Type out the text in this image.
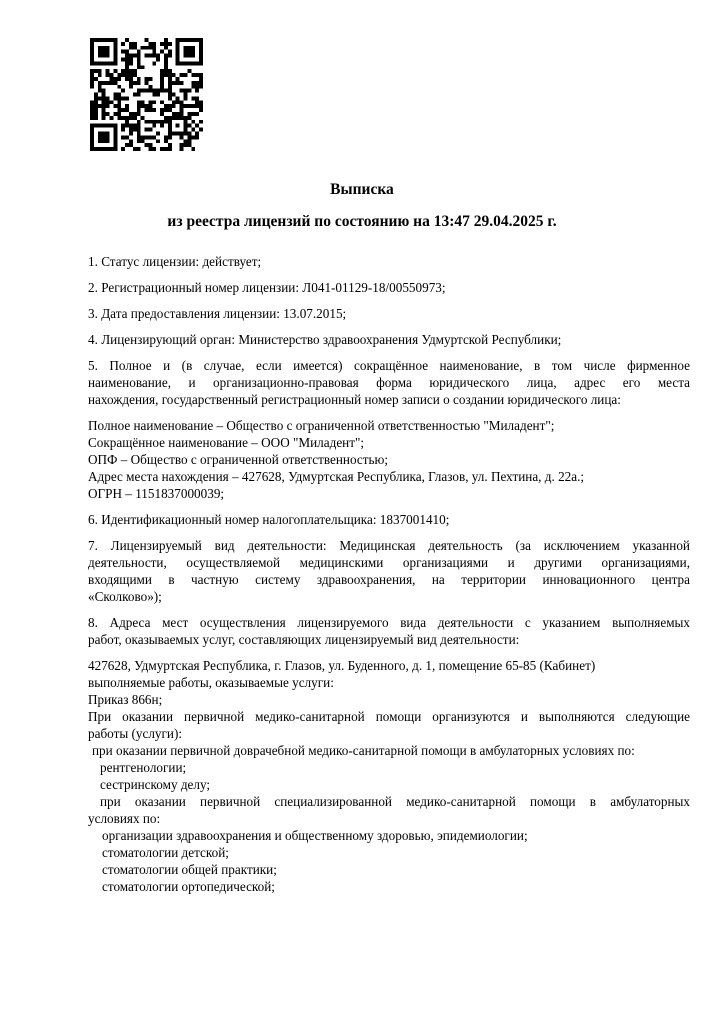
Выписка
из реестра лицензий по состоянию на 13:47 29.04.2025 г.
1. Статус лицензии: действует;
2. Регистрационный номер лицензии: Л041-01129-18/00550973;
3. Дата предоставления лицензии: 13.07.2015;
4. Лицензирующий орган: Министерство здравоохранения Удмуртской Республики;
5. Полное и (в случае, если имеется) сокращённое наименование, в том числе фирменное
наименование, и организационно-правовая форма юридического лица, адрес его места
нахождения, государственный регистрационный номер записи о создании юридического лица:
Полное наименование – Общество с ограниченной ответственностью "Миладент";
Сокращённое наименование – ООО "Миладент";
ОПФ – Общество с ограниченной ответственностью;
Адрес места нахождения – 427628, Удмуртская Республика, Глазов, ул. Пехтина, д. 22а.;
ОГРН – 1151837000039;
6. Идентификационный номер налогоплательщика: 1837001410;
7. Лицензируемый вид деятельности: Медицинская деятельность (за исключением указанной
деятельности, осуществляемой медицинскими организациями и другими организациями,
входящими в частную систему здравоохранения, на территории инновационного центра
«Сколково»);
8. Адреса мест осуществления лицензируемого вида деятельности с указанием выполняемых
работ, оказываемых услуг, составляющих лицензируемый вид деятельности:
427628, Удмуртская Республика, г. Глазов, ул. Буденного, д. 1, помещение 65-85 (Кабинет)
выполняемые работы, оказываемые услуги:
Приказ 866н;
При оказании первичной медико-санитарной помощи организуются и выполняются следующие
работы (услуги):
при оказании первичной доврачебной медико-санитарной помощи в амбулаторных условиях по:
рентгенологии;
сестринскому делу;
при оказании первичной специализированной медико-санитарной помощи в амбулаторных
условиях по:
организации здравоохранения и общественному здоровью, эпидемиологии;
стоматологии детской;
стоматологии общей практики;
стоматологии ортопедической;
